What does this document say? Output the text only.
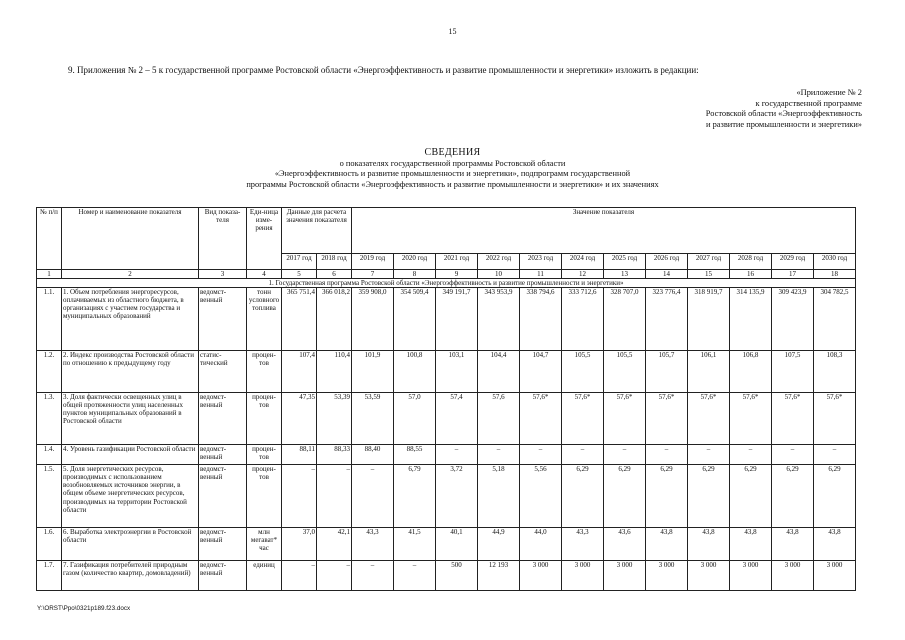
15
9. Приложения № 2 – 5 к государственной программе Ростовской области «Энергоэффективность и развитие промышленности и энергетики» изложить в редакции:
«Приложение № 2
к государственной программе
Ростовской области «Энергоэффективность
и развитие промышленности и энергетики»
СВЕДЕНИЯ
о показателях государственной программы Ростовской области
«Энергоэффективность и развитие промышленности и энергетики», подпрограмм государственной
программы Ростовской области «Энергоэффективность и развитие промышленности и энергетики» и их значениях
№ п/п	Номер и наименование показателя	Вид показа-теля	Еди-ница изме-рения	Данные для расчета значения показателя		Значение показателя											
				2017 год	2018 год	2019 год	2020 год	2021 год	2022 год	2023 год	2024 год	2025 год	2026 год	2027 год	2028 год	2029 год	2030 год
1	2	3	4	5	6	7	8	9	10	11	12	13	14	15	16	17	18
1. Государственная программа Ростовской области «Энергоэффективность и развитие промышленности и энергетики»																	
1.1.	1. Объем потребления энергоресурсов, оплачиваемых из областного бюджета, в организациях с участием государства и муниципальных образований	ведомст-венный	тонн условного топлива	365 751,4	366 018,2	359 908,0	354 509,4	349 191,7	343 953,9	338 794,6	333 712,6	328 707,0	323 776,4	318 919,7	314 135,9	309 423,9	304 782,5
1.2.	2. Индекс производства Ростовской области по отношению к предыдущему году	статис-тический	процен-тов	107,4	110,4	101,9	100,8	103,1	104,4	104,7	105,5	105,5	105,7	106,1	106,8	107,5	108,3
1.3.	3. Доля фактически освещенных улиц в общей протяженности улиц населенных пунктов муниципальных образований в Ростовской области	ведомст-венный	процен-тов	47,35	53,39	53,59	57,0	57,4	57,6	57,6*	57,6*	57,6*	57,6*	57,6*	57,6*	57,6*	57,6*
1.4.	4. Уровень газификации Ростовской области	ведомст-венный	процен-тов	88,11	88,33	88,40	88,55	–	–	–	–	–	–	–	–	–	–
1.5.	5. Доля энергетических ресурсов, производимых с использованием возобновляемых источников энергии, в общем объеме энергетических ресурсов, производимых на территории Ростовской области	ведомст-венный	процен-тов	–	–	–	6,79	3,72	5,18	5,56	6,29	6,29	6,29	6,29	6,29	6,29	6,29
1.6.	6. Выработка электроэнергии в Ростовской области	ведомст-венный	млн мегават* час	37,0	42,1	43,3	41,5	40,1	44,9	44,0	43,3	43,6	43,8	43,8	43,8	43,8	43,8
1.7.	7. Газификация потребителей природным газом (количество квартир, домовладений)	ведомст-венный	единиц	–	–	–	–	500	12 193	3 000	3 000	3 000	3 000	3 000	3 000	3 000	3 000
Y:\ORST\Ppo\0321p189.f23.docx
